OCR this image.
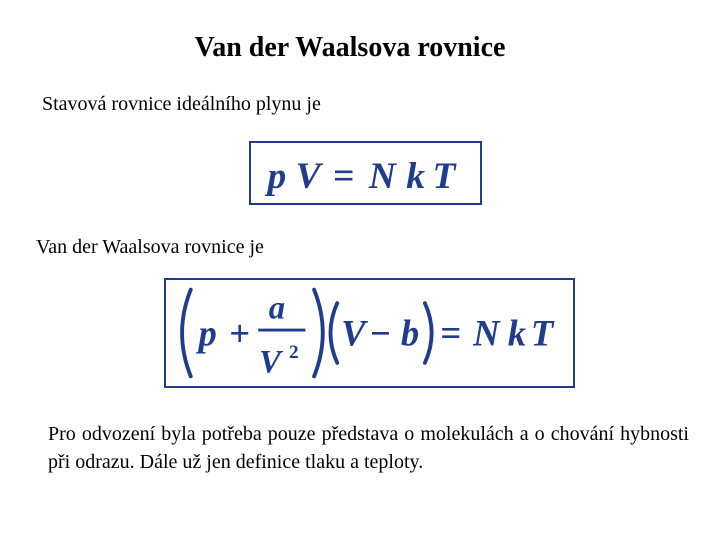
Van der Waalsova rovnice
Stavová rovnice ideálního plynu je
p V = N k T
Van der Waalsova rovnice je
p +
a
V 2 V − b = N k T
Pro odvození byla potřeba pouze představa o molekulách a o chování hybnosti při odrazu. Dále už jen definice tlaku a teploty.
